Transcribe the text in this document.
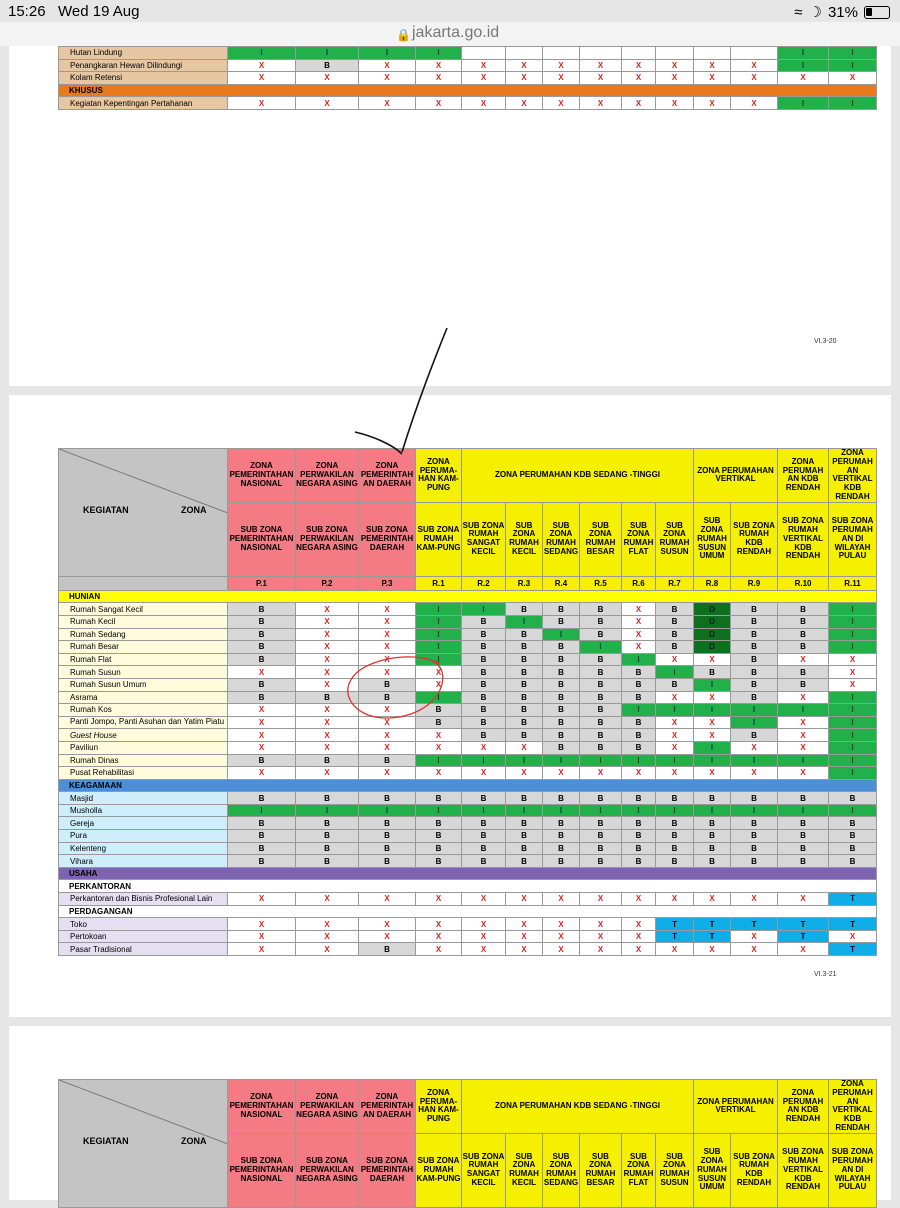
15:26 Wed 19 Aug	≈ ☽ 31%
🔒 jakarta.go.id
Hutan Lindung	I	I	I	I									I	I
Penangkaran Hewan Dilindungi	X	B	X	X	X	X	X	X	X	X	X	X	I	I
Kolam Retensi	X	X	X	X	X	X	X	X	X	X	X	X	X	X
KHUSUS														
Kegiatan Kepentingan Pertahanan	X	X	X	X	X	X	X	X	X	X	X	X	I	I
VI.3-20
KEGIATAN ZONA	ZONA PEMERINTAHAN NASIONAL	ZONA PERWAKILAN NEGARA ASING	ZONA PEMERINTAH AN DAERAH	ZONA PERUMA-HAN KAM-PUNG	ZONA PERUMAHAN KDB SEDANG -TINGGI						ZONA PERUMAHAN VERTIKAL		ZONA PERUMAH AN KDB RENDAH	ZONA PERUMAH AN VERTIKAL KDB RENDAH	
	SUB ZONA PEMERINTAHAN NASIONAL	SUB ZONA PERWAKILAN NEGARA ASING	SUB ZONA PEMERINTAH DAERAH	SUB ZONA RUMAH KAM-PUNG	SUB ZONA RUMAH SANGAT KECIL	SUB ZONA RUMAH KECIL	SUB ZONA RUMAH SEDANG	SUB ZONA RUMAH BESAR	SUB ZONA RUMAH FLAT	SUB ZONA RUMAH SUSUN	SUB ZONA RUMAH SUSUN UMUM	SUB ZONA RUMAH KDB RENDAH	SUB ZONA RUMAH VERTIKAL KDB RENDAH	SUB ZONA PERUMAH AN DI WILAYAH PULAU	
	P.1	P.2	P.3	R.1	R.2	R.3	R.4	R.5	R.6	R.7	R.8	R.9	R.10	R.11	
HUNIAN															
Rumah Sangat Kecil	B	X	X	I	I	B	B	B	X	B	D	B	B	I	
Rumah Kecil	B	X	X	I	B	I	B	B	X	B	D	B	B	I	
Rumah Sedang	B	X	X	I	B	B	I	B	X	B	D	B	B	I	
Rumah Besar	B	X	X	I	B	B	B	I	X	B	D	B	B	I	
Rumah Flat	B	X	X	I	B	B	B	B	I	X	X	B	X	X	
Rumah Susun	X	X	X	X	B	B	B	B	B	I	B	B	B	X	
Rumah Susun Umum	B	X	B	X	B	B	B	B	B	B	I	B	B	X	
Asrama	B	B	B	I	B	B	B	B	B	X	X	B	X	I	
Rumah Kos	X	X	X	B	B	B	B	B	I	I	I	I	I	I	
Panti Jompo, Panti Asuhan dan Yatim Piatu	X	X	X	B	B	B	B	B	B	X	X	I	X	I	
Guest House	X	X	X	X	B	B	B	B	B	X	X	B	X	I	
Paviliun	X	X	X	X	X	X	B	B	B	X	I	X	X	I	
Rumah Dinas	B	B	B	I	I	I	I	I	I	I	I	I	I	I	
Pusat Rehabilitasi	X	X	X	X	X	X	X	X	X	X	X	X	X	I	
KEAGAMAAN															
Masjid	B	B	B	B	B	B	B	B	B	B	B	B	B	B	
Musholla	I	I	I	I	I	I	I	I	I	I	I	I	I	I	
Gereja	B	B	B	B	B	B	B	B	B	B	B	B	B	B	
Pura	B	B	B	B	B	B	B	B	B	B	B	B	B	B	
Kelenteng	B	B	B	B	B	B	B	B	B	B	B	B	B	B	
Vihara	B	B	B	B	B	B	B	B	B	B	B	B	B	B	
USAHA															
PERKANTORAN															
Perkantoran dan Bisnis Profesional Lain	X	X	X	X	X	X	X	X	X	X	X	X	X	T	
PERDAGANGAN															
Toko	X	X	X	X	X	X	X	X	X	T	T	T	T	T	
Pertokoan	X	X	X	X	X	X	X	X	X	T	T	X	T	X	
Pasar Tradisional	X	X	B	X	X	X	X	X	X	X	X	X	X	T	
VI.3-21
KEGIATAN ZONA	ZONA PEMERINTAHAN NASIONAL	ZONA PERWAKILAN NEGARA ASING	ZONA PEMERINTAH AN DAERAH	ZONA PERUMA-HAN KAM-PUNG	ZONA PERUMAHAN KDB SEDANG -TINGGI						ZONA PERUMAHAN VERTIKAL		ZONA PERUMAH AN KDB RENDAH	ZONA PERUMAH AN VERTIKAL KDB RENDAH	
	SUB ZONA PEMERINTAHAN NASIONAL	SUB ZONA PERWAKILAN NEGARA ASING	SUB ZONA PEMERINTAH DAERAH	SUB ZONA RUMAH KAM-PUNG	SUB ZONA RUMAH SANGAT KECIL	SUB ZONA RUMAH KECIL	SUB ZONA RUMAH SEDANG	SUB ZONA RUMAH BESAR	SUB ZONA RUMAH FLAT	SUB ZONA RUMAH SUSUN	SUB ZONA RUMAH SUSUN UMUM	SUB ZONA RUMAH KDB RENDAH	SUB ZONA RUMAH VERTIKAL KDB RENDAH	SUB ZONA PERUMAH AN DI WILAYAH PULAU	
